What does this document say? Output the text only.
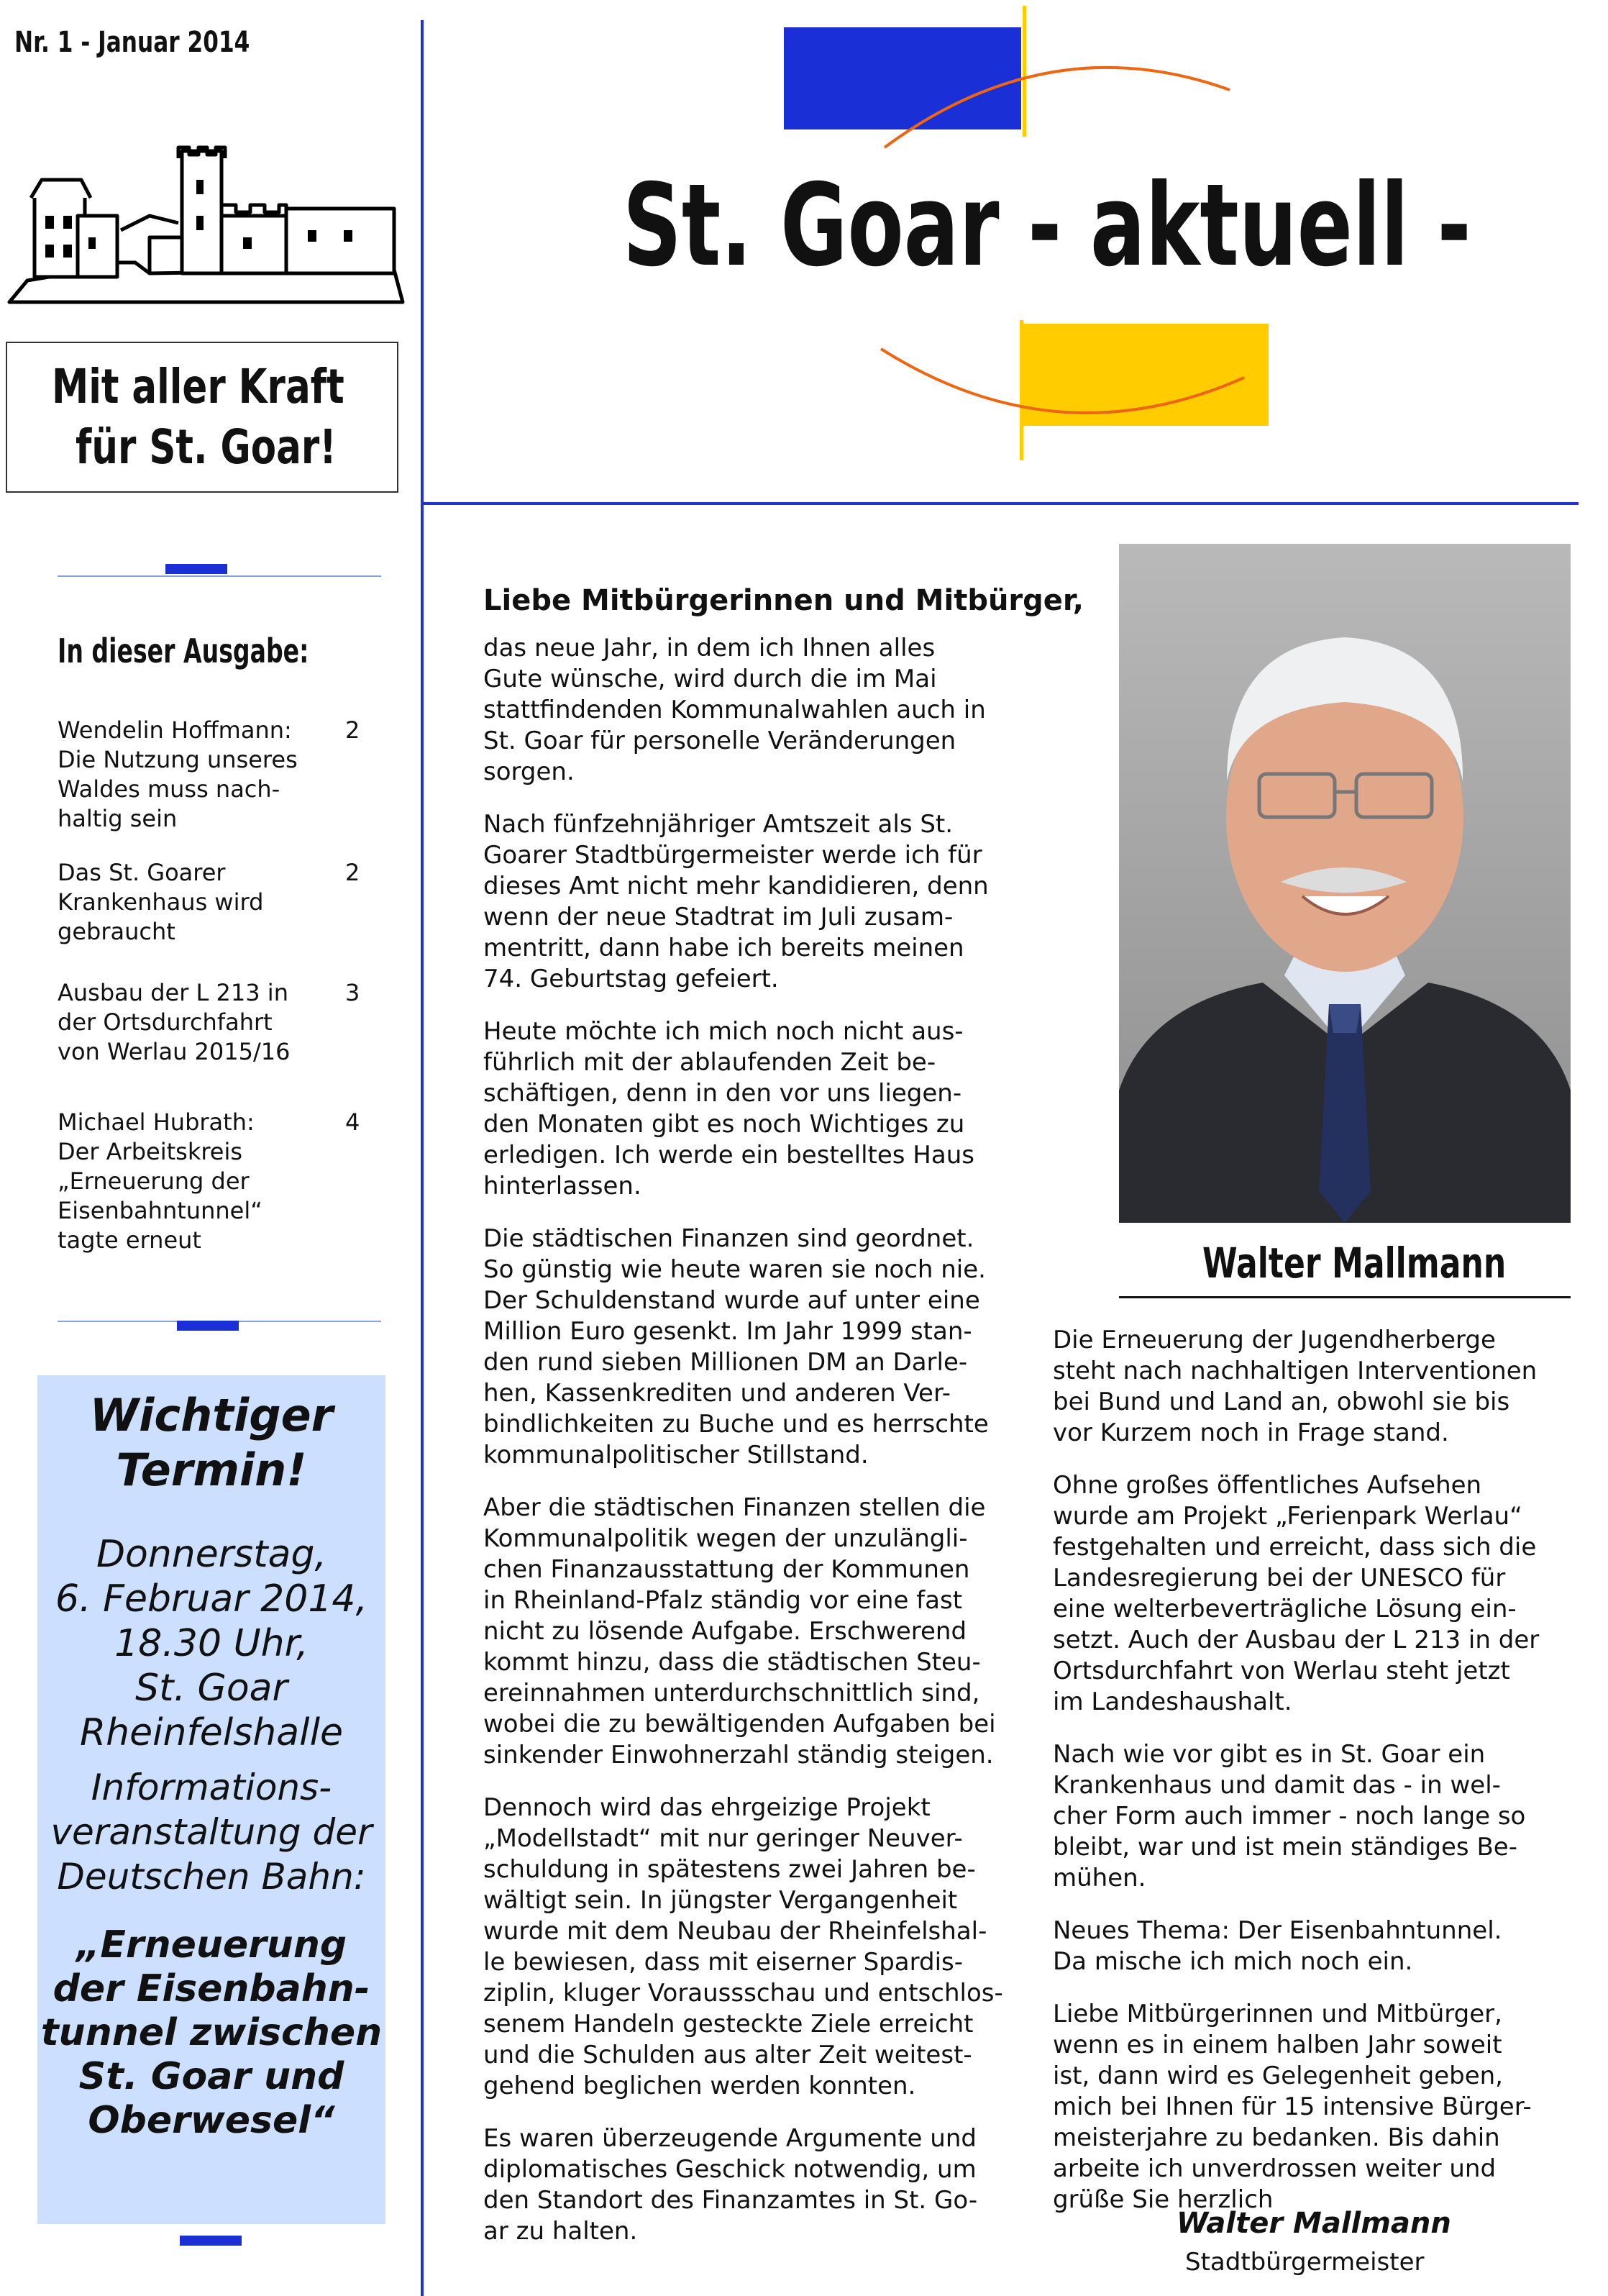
Nr. 1 - Januar 2014
Mit aller Kraft
für St. Goar!
St. Goar - aktuell -
In dieser Ausgabe:
Wendelin Hoffmann:
Die Nutzung unseres
Waldes muss nach-
haltig sein
2
Das St. Goarer
Krankenhaus wird
gebraucht
2
Ausbau der L 213 in
der Ortsdurchfahrt
von Werlau 2015/16
3
Michael Hubrath:
Der Arbeitskreis
„Erneuerung der
Eisenbahntunnel“
tagte erneut
4
Wichtiger
Termin!
Donnerstag,
6. Februar 2014,
18.30 Uhr,
St. Goar
Rheinfelshalle
Informations-
veranstaltung der
Deutschen Bahn:
„Erneuerung
der Eisenbahn-
tunnel zwischen
St. Goar und
Oberwesel“
Liebe Mitbürgerinnen und Mitbürger,

das neue Jahr, in dem ich Ihnen alles
Gute wünsche, wird durch die im Mai
stattfindenden Kommunalwahlen auch in
St. Goar für personelle Veränderungen
sorgen.

Nach fünfzehnjähriger Amtszeit als St.
Goarer Stadtbürgermeister werde ich für
dieses Amt nicht mehr kandidieren, denn
wenn der neue Stadtrat im Juli zusam-
mentritt, dann habe ich bereits meinen
74. Geburtstag gefeiert.

Heute möchte ich mich noch nicht aus-
führlich mit der ablaufenden Zeit be-
schäftigen, denn in den vor uns liegen-
den Monaten gibt es noch Wichtiges zu
erledigen. Ich werde ein bestelltes Haus
hinterlassen.

Die städtischen Finanzen sind geordnet.
So günstig wie heute waren sie noch nie.
Der Schuldenstand wurde auf unter eine
Million Euro gesenkt. Im Jahr 1999 stan-
den rund sieben Millionen DM an Darle-
hen, Kassenkrediten und anderen Ver-
bindlichkeiten zu Buche und es herrschte
kommunalpolitischer Stillstand.

Aber die städtischen Finanzen stellen die
Kommunalpolitik wegen der unzulängli-
chen Finanzausstattung der Kommunen
in Rheinland-Pfalz ständig vor eine fast
nicht zu lösende Aufgabe. Erschwerend
kommt hinzu, dass die städtischen Steu-
ereinnahmen unterdurchschnittlich sind,
wobei die zu bewältigenden Aufgaben bei
sinkender Einwohnerzahl ständig steigen.

Dennoch wird das ehrgeizige Projekt
„Modellstadt“ mit nur geringer Neuver-
schuldung in spätestens zwei Jahren be-
wältigt sein. In jüngster Vergangenheit
wurde mit dem Neubau der Rheinfelshal-
le bewiesen, dass mit eiserner Spardis-
ziplin, kluger Voraussschau und entschlos-
senem Handeln gesteckte Ziele erreicht
und die Schulden aus alter Zeit weitest-
gehend beglichen werden konnten.

Es waren überzeugende Argumente und
diplomatisches Geschick notwendig, um
den Standort des Finanzamtes in St. Go-
ar zu halten.

Walter Mallmann

Die Erneuerung der Jugendherberge
steht nach nachhaltigen Interventionen
bei Bund und Land an, obwohl sie bis
vor Kurzem noch in Frage stand.

Ohne großes öffentliches Aufsehen
wurde am Projekt „Ferienpark Werlau“
festgehalten und erreicht, dass sich die
Landesregierung bei der UNESCO für
eine welterbeverträgliche Lösung ein-
setzt. Auch der Ausbau der L 213 in der
Ortsdurchfahrt von Werlau steht jetzt
im Landeshaushalt.

Nach wie vor gibt es in St. Goar ein
Krankenhaus und damit das - in wel-
cher Form auch immer - noch lange so
bleibt, war und ist mein ständiges Be-
mühen.

Neues Thema: Der Eisenbahntunnel.
Da mische ich mich noch ein.

Liebe Mitbürgerinnen und Mitbürger,
wenn es in einem halben Jahr soweit
ist, dann wird es Gelegenheit geben,
mich bei Ihnen für 15 intensive Bürger-
meisterjahre zu bedanken. Bis dahin
arbeite ich unverdrossen weiter und
grüße Sie herzlich

Walter Mallmann
Stadtbürgermeister
